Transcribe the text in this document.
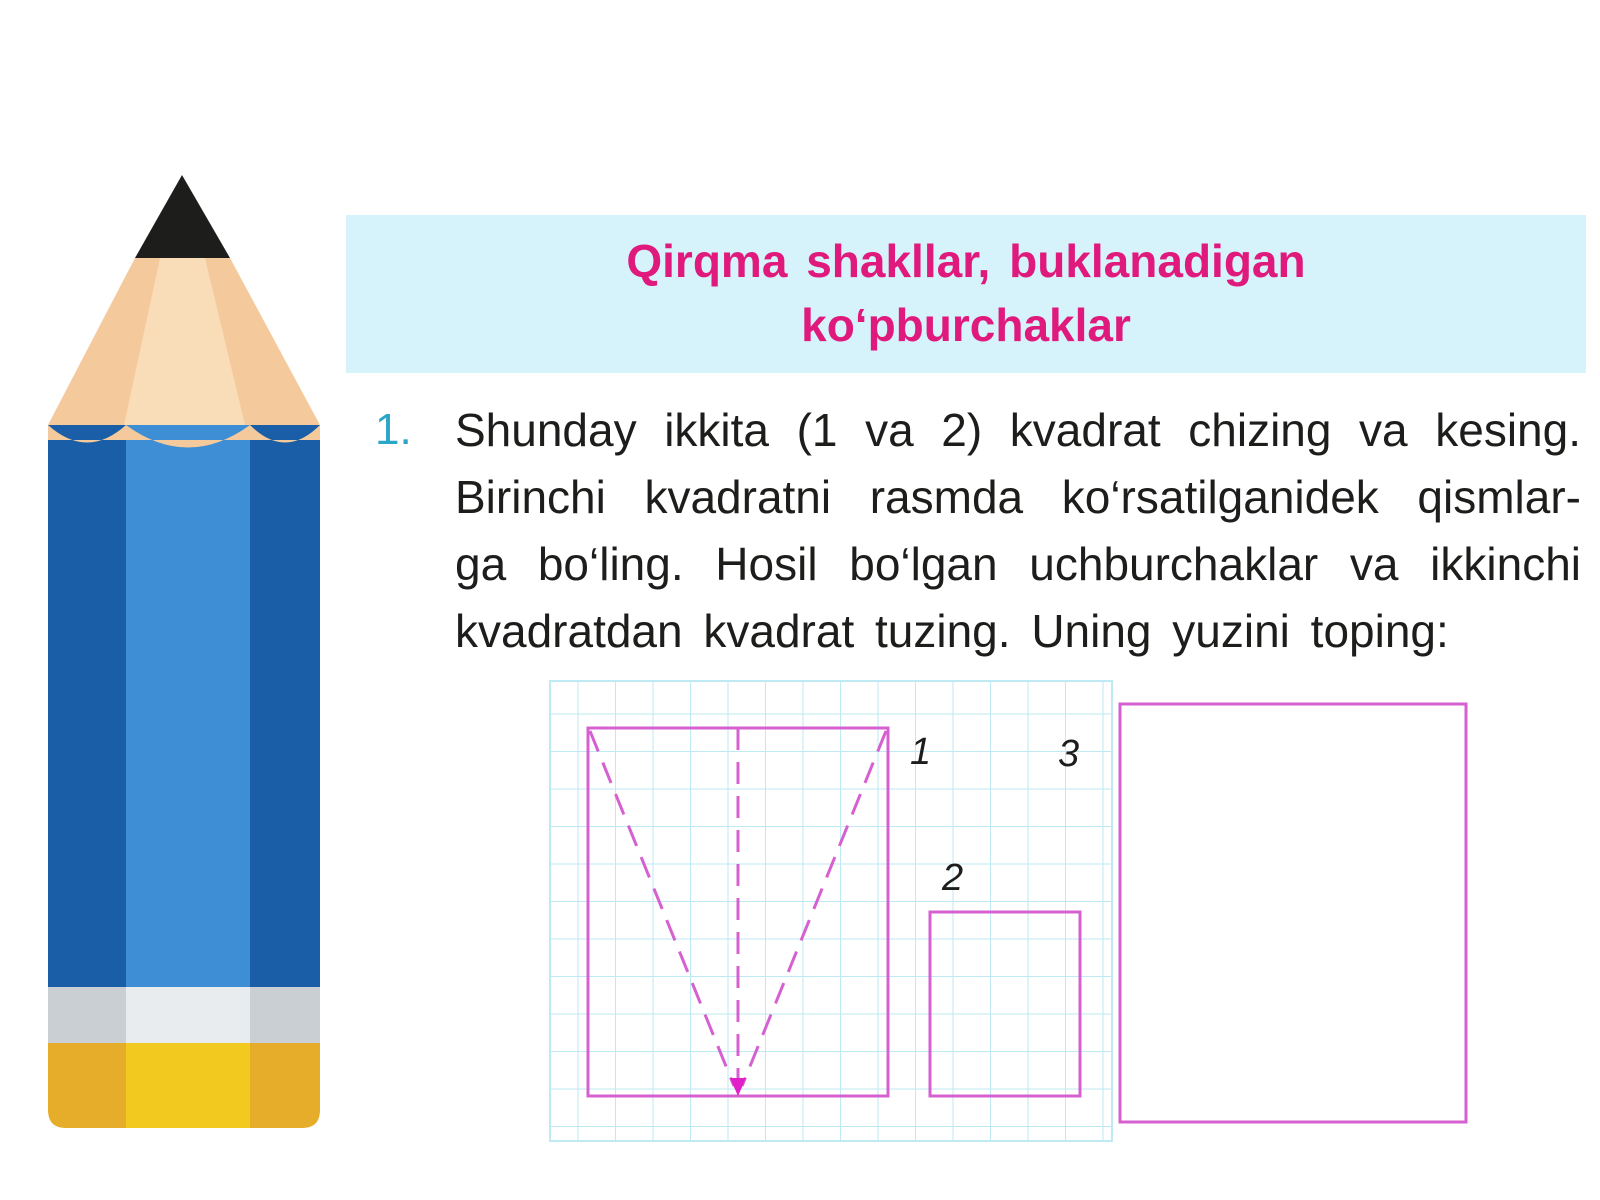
Qirqma shakllar, buklanadigan
ko‘pburchaklar
1. Shunday ikkita (1 va 2) kvadrat chizing va kesing.
Birinchi kvadratni rasmda ko‘rsatilganidek qismlar-
ga bo‘ling. Hosil bo‘lgan uchburchaklar va ikkinchi
kvadratdan kvadrat tuzing. Uning yuzini toping:
1
2
3
